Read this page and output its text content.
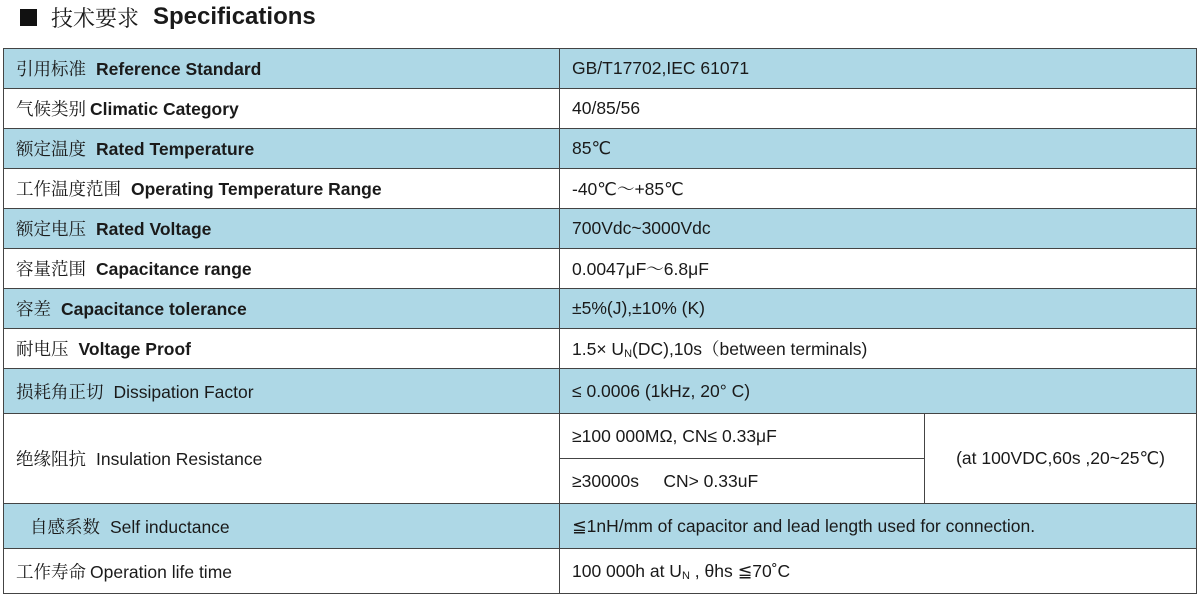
技术要求 Specifications
引用标准 Reference Standard	GB/T17702,IEC 61071	
气候类别 Climatic Category	40/85/56	
额定温度 Rated Temperature	85℃	
工作温度范围 Operating Temperature Range	-40℃～+85℃	
额定电压 Rated Voltage	700Vdc~3000Vdc	
容量范围 Capacitance range	0.0047μF～6.8μF	
容差 Capacitance tolerance	±5%(J),±10% (K)	
耐电压 Voltage Proof	1.5× UN(DC),10s（between terminals)	
损耗角正切 Dissipation Factor	≤ 0.0006 (1kHz, 20° C)	
绝缘阻抗 Insulation Resistance	≥100 000MΩ, CN≤ 0.33μF	(at 100VDC,60s ,20~25℃)
	≥30000s     CN> 0.33uF	
自感系数 Self inductance	≦1nH/mm of capacitor and lead length used for connection.	
工作寿命 Operation life time	100 000h at UN , θhs ≦70˚C	
